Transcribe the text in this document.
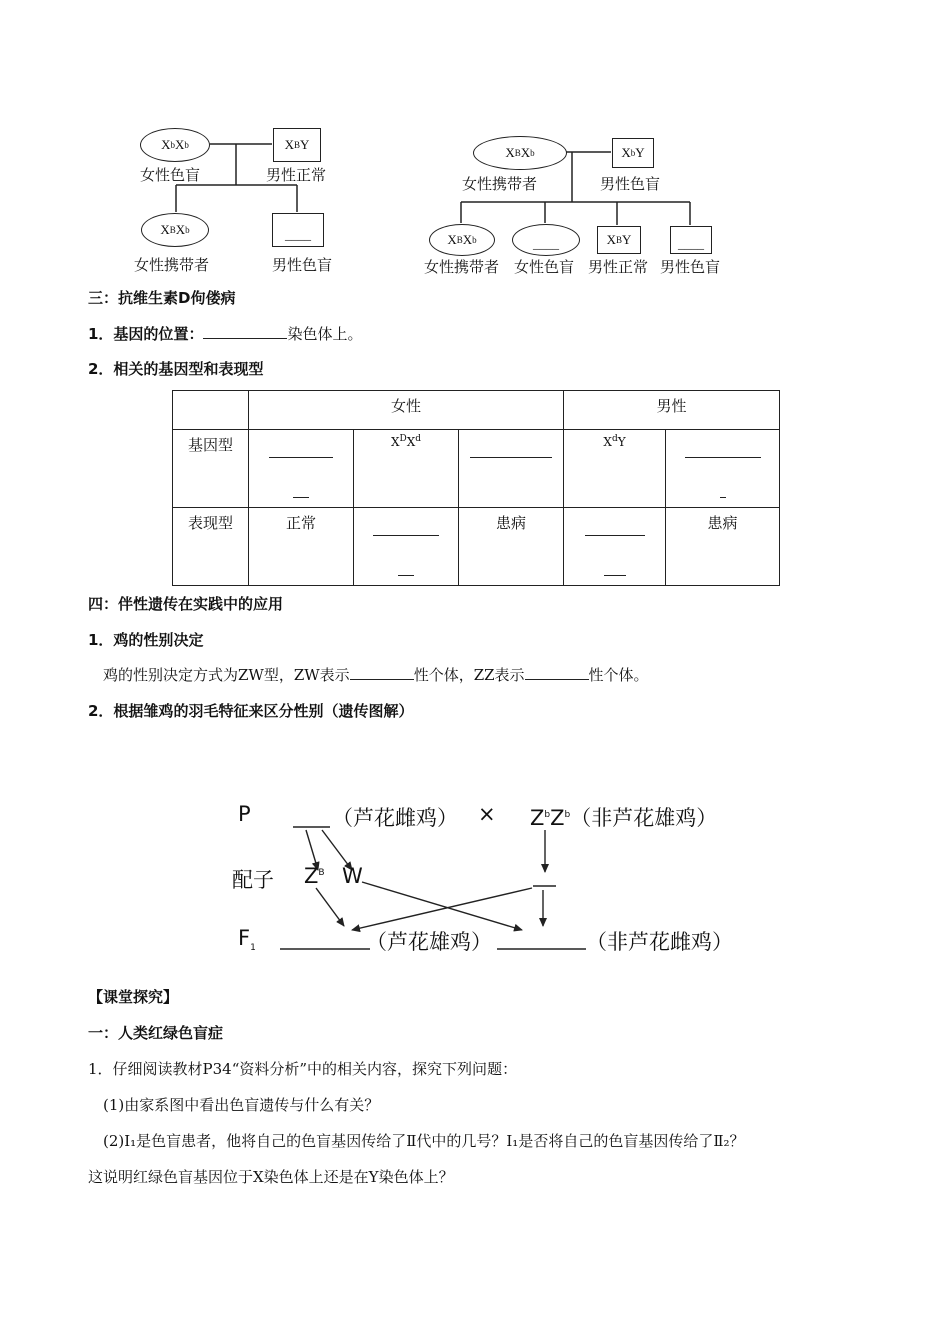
X b X b
女性色盲
X B Y
男性正常
X B X b
女性携带者
____
男性色盲
X B X b
女性携带者
X b Y
男性色盲
X B X b	____	X B Y	____
女性携带者 女性色盲 男性正常 男性色盲
三：抗维生素D佝偻病
1．基因的位置：	染色体上。
2．相关的基因型和表现型
	女性			男性	
基因型		$X^DX^d$		$X^dY$	

表现型	正常		患病		患病
四：伴性遗传在实践中的应用
1．鸡的性别决定
鸡的性别决定方式为ZW型，ZW表示	性个体，ZZ表示	性个体。
2．根据雏鸡的羽毛特征来区分性别（遗传图解）
P	（芦花雌鸡） × $Z^bZ^b$（非芦花雄鸡）
配子 $Z^B$ W
$F_1$	（芦花雄鸡）	（非芦花雌鸡）
【课堂探究】
一：人类红绿色盲症
1．仔细阅读教材P34“资料分析”中的相关内容，探究下列问题：
(1)由家系图中看出色盲遗传与什么有关？
(2)Ⅰ₁是色盲患者，他将自己的色盲基因传给了Ⅱ代中的几号？Ⅰ₁是否将自己的色盲基因传给了Ⅱ₂？
这说明红绿色盲基因位于X染色体上还是在Y染色体上？
